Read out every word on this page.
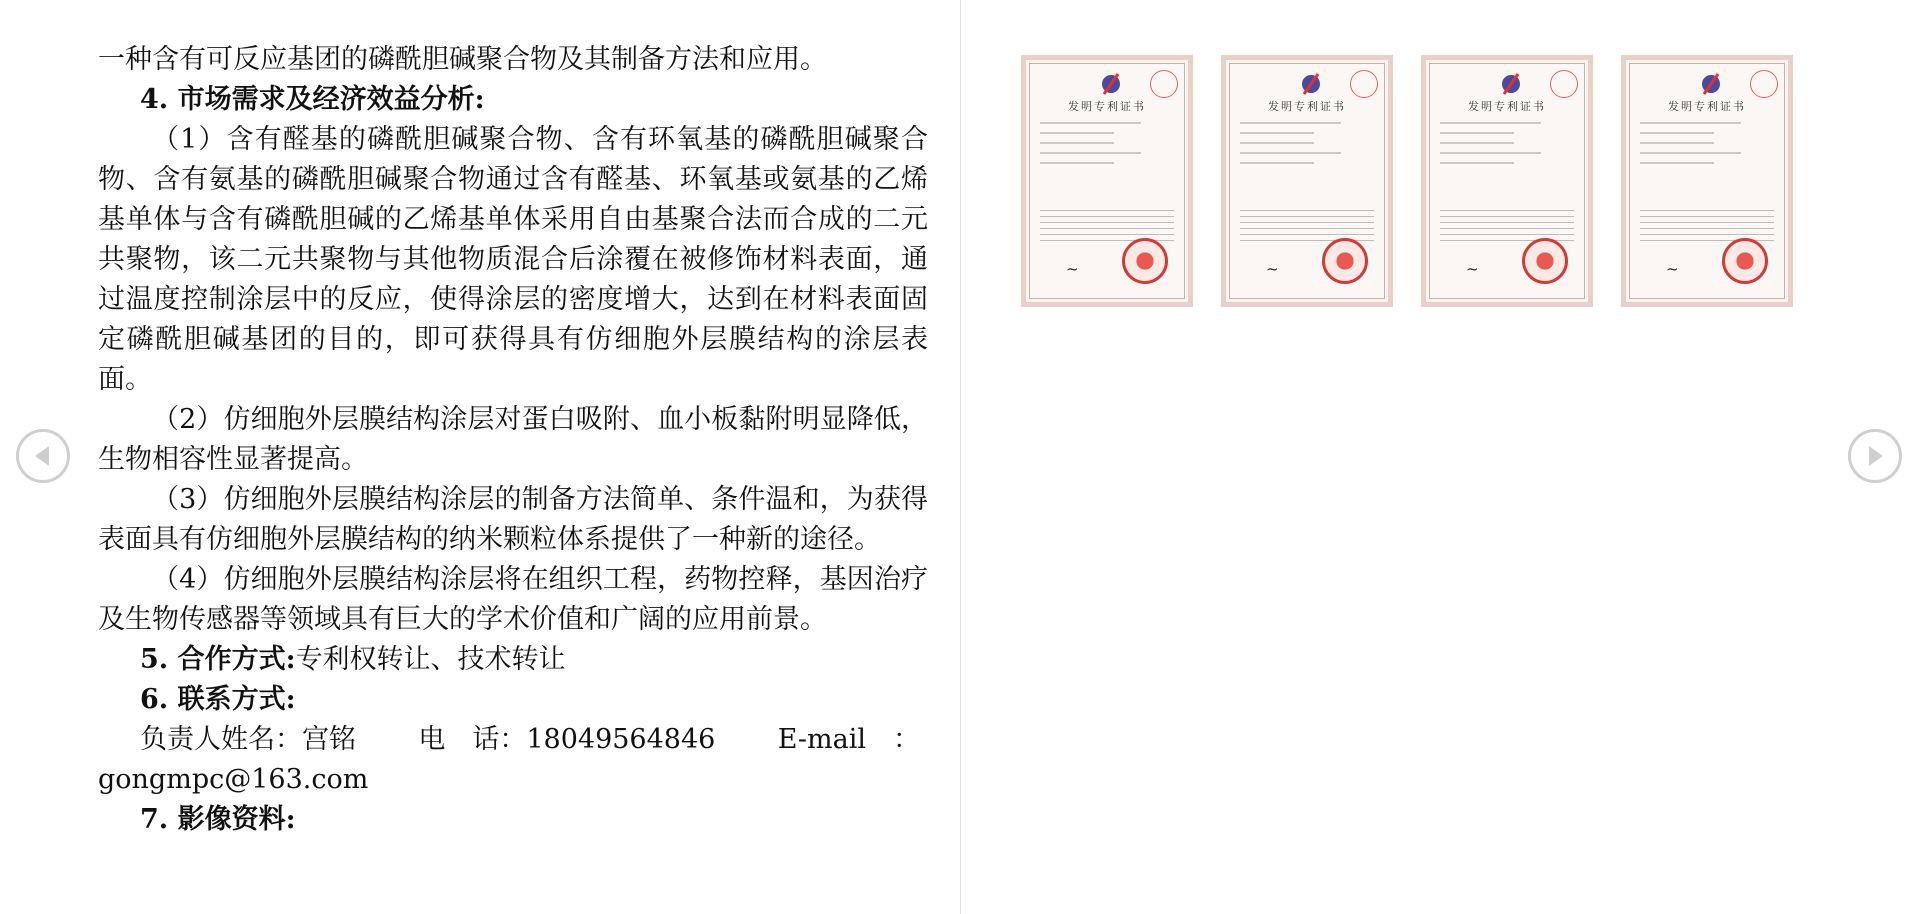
一种含有可反应基团的磷酰胆碱聚合物及其制备方法和应用。

4. 市场需求及经济效益分析:

（1）含有醛基的磷酰胆碱聚合物、含有环氧基的磷酰胆碱聚合物、含有氨基的磷酰胆碱聚合物通过含有醛基、环氧基或氨基的乙烯基单体与含有磷酰胆碱的乙烯基单体采用自由基聚合法而合成的二元共聚物，该二元共聚物与其他物质混合后涂覆在被修饰材料表面，通过温度控制涂层中的反应，使得涂层的密度增大，达到在材料表面固定磷酰胆碱基团的目的，即可获得具有仿细胞外层膜结构的涂层表面。

（2）仿细胞外层膜结构涂层对蛋白吸附、血小板黏附明显降低，生物相容性显著提高。

（3）仿细胞外层膜结构涂层的制备方法简单、条件温和，为获得表面具有仿细胞外层膜结构的纳米颗粒体系提供了一种新的途径。

（4）仿细胞外层膜结构涂层将在组织工程，药物控释，基因治疗及生物传感器等领域具有巨大的学术价值和广阔的应用前景。

5. 合作方式:专利权转让、技术转让

6. 联系方式:

负责人姓名：宫铭 电　话：18049564846 E-mail　：

gongmpc@163.com

7. 影像资料:

发明专利证书
~
发明专利证书
~
发明专利证书
~
发明专利证书
~
